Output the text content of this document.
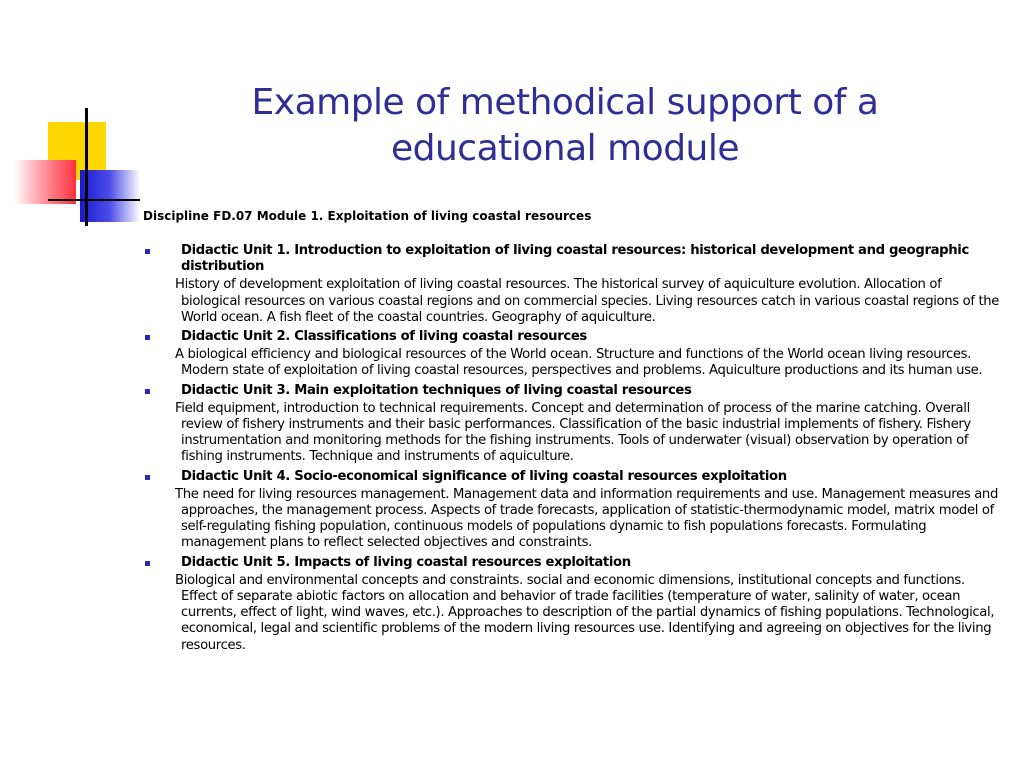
Example of methodical support of a
educational module
Discipline FD.07 Module 1. Exploitation of living coastal resources
Didactic Unit 1. Introduction to exploitation of living coastal resources: historical development and geographic distribution
History of development exploitation of living coastal resources. The historical survey of aquiculture evolution. Allocation of biological resources on various coastal regions and on commercial species. Living resources catch in various coastal regions of the World ocean. A fish fleet of the coastal countries. Geography of aquiculture.
Didactic Unit 2. Classifications of living coastal resources
A biological efficiency and biological resources of the World ocean. Structure and functions of the World ocean living resources. Modern state of exploitation of living coastal resources, perspectives and problems. Aquiculture productions and its human use.
Didactic Unit 3. Main exploitation techniques of living coastal resources
Field equipment, introduction to technical requirements. Concept and determination of process of the marine catching. Overall review of fishery instruments and their basic performances. Classification of the basic industrial implements of fishery. Fishery instrumentation and monitoring methods for the fishing instruments. Tools of underwater (visual) observation by operation of fishing instruments. Technique and instruments of aquiculture.
Didactic Unit 4. Socio-economical significance of living coastal resources exploitation
The need for living resources management. Management data and information requirements and use. Management measures and approaches, the management process. Aspects of trade forecasts, application of statistic-thermodynamic model, matrix model of self-regulating fishing population, continuous models of populations dynamic to fish populations forecasts. Formulating management plans to reflect selected objectives and constraints.
Didactic Unit 5. Impacts of living coastal resources exploitation
Biological and environmental concepts and constraints. social and economic dimensions, institutional concepts and functions. Effect of separate abiotic factors on allocation and behavior of trade facilities (temperature of water, salinity of water, ocean currents, effect of light, wind waves, etc.). Approaches to description of the partial dynamics of fishing populations. Technological, economical, legal and scientific problems of the modern living resources use. Identifying and agreeing on objectives for the living resources.
